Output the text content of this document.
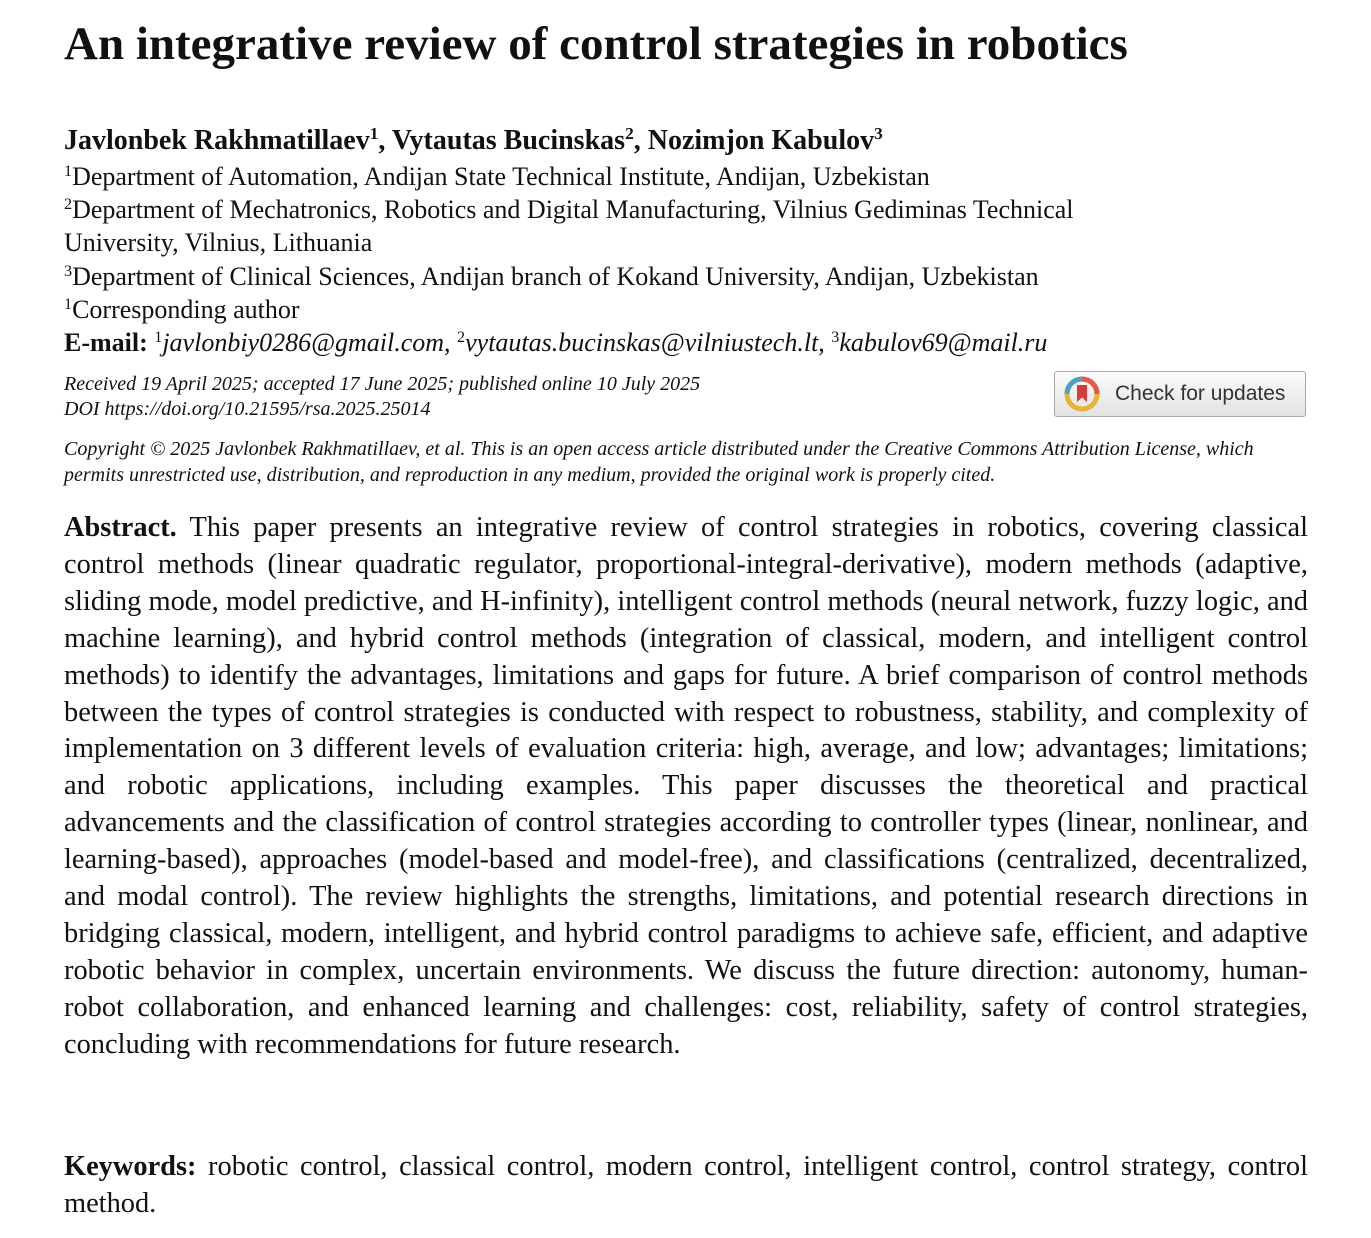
An integrative review of control strategies in robotics

Javlonbek Rakhmatillaev$^1$, Vytautas Bucinskas$^2$, Nozimjon Kabulov$^3$

$^1$Department of Automation, Andijan State Technical Institute, Andijan, Uzbekistan

$^2$Department of Mechatronics, Robotics and Digital Manufacturing, Vilnius Gediminas Technical

University, Vilnius, Lithuania

$^3$Department of Clinical Sciences, Andijan branch of Kokand University, Andijan, Uzbekistan

$^1$Corresponding author

E-mail: $^1$javlonbiy0286@gmail.com, $^2$vytautas.bucinskas@vilniustech.lt, $^3$kabulov69@mail.ru

Received 19 April 2025; accepted 17 June 2025; published online 10 July 2025

DOI https://doi.org/10.21595/rsa.2025.25014

Check for updates

Copyright © 2025 Javlonbek Rakhmatillaev, et al. This is an open access article distributed under the Creative Commons Attribution License, which permits unrestricted use, distribution, and reproduction in any medium, provided the original work is properly cited.

Abstract. This paper presents an integrative review of control strategies in robotics, covering classical control methods (linear quadratic regulator, proportional-integral-derivative), modern methods (adaptive, sliding mode, model predictive, and H-infinity), intelligent control methods (neural network, fuzzy logic, and machine learning), and hybrid control methods (integration of classical, modern, and intelligent control methods) to identify the advantages, limitations and gaps for future. A brief comparison of control methods between the types of control strategies is conducted with respect to robustness, stability, and complexity of implementation on 3 different levels of evaluation criteria: high, average, and low; advantages; limitations; and robotic applications, including examples. This paper discusses the theoretical and practical advancements and the classification of control strategies according to controller types (linear, nonlinear, and learning-based), approaches (model-based and model-free), and classifications (centralized, decentralized, and modal control). The review highlights the strengths, limitations, and potential research directions in bridging classical, modern, intelligent, and hybrid control paradigms to achieve safe, efficient, and adaptive robotic behavior in complex, uncertain environments. We discuss the future direction: autonomy, human-robot collaboration, and enhanced learning and challenges: cost, reliability, safety of control strategies, concluding with recommendations for future research.

Keywords: robotic control, classical control, modern control, intelligent control, control strategy, control method.
